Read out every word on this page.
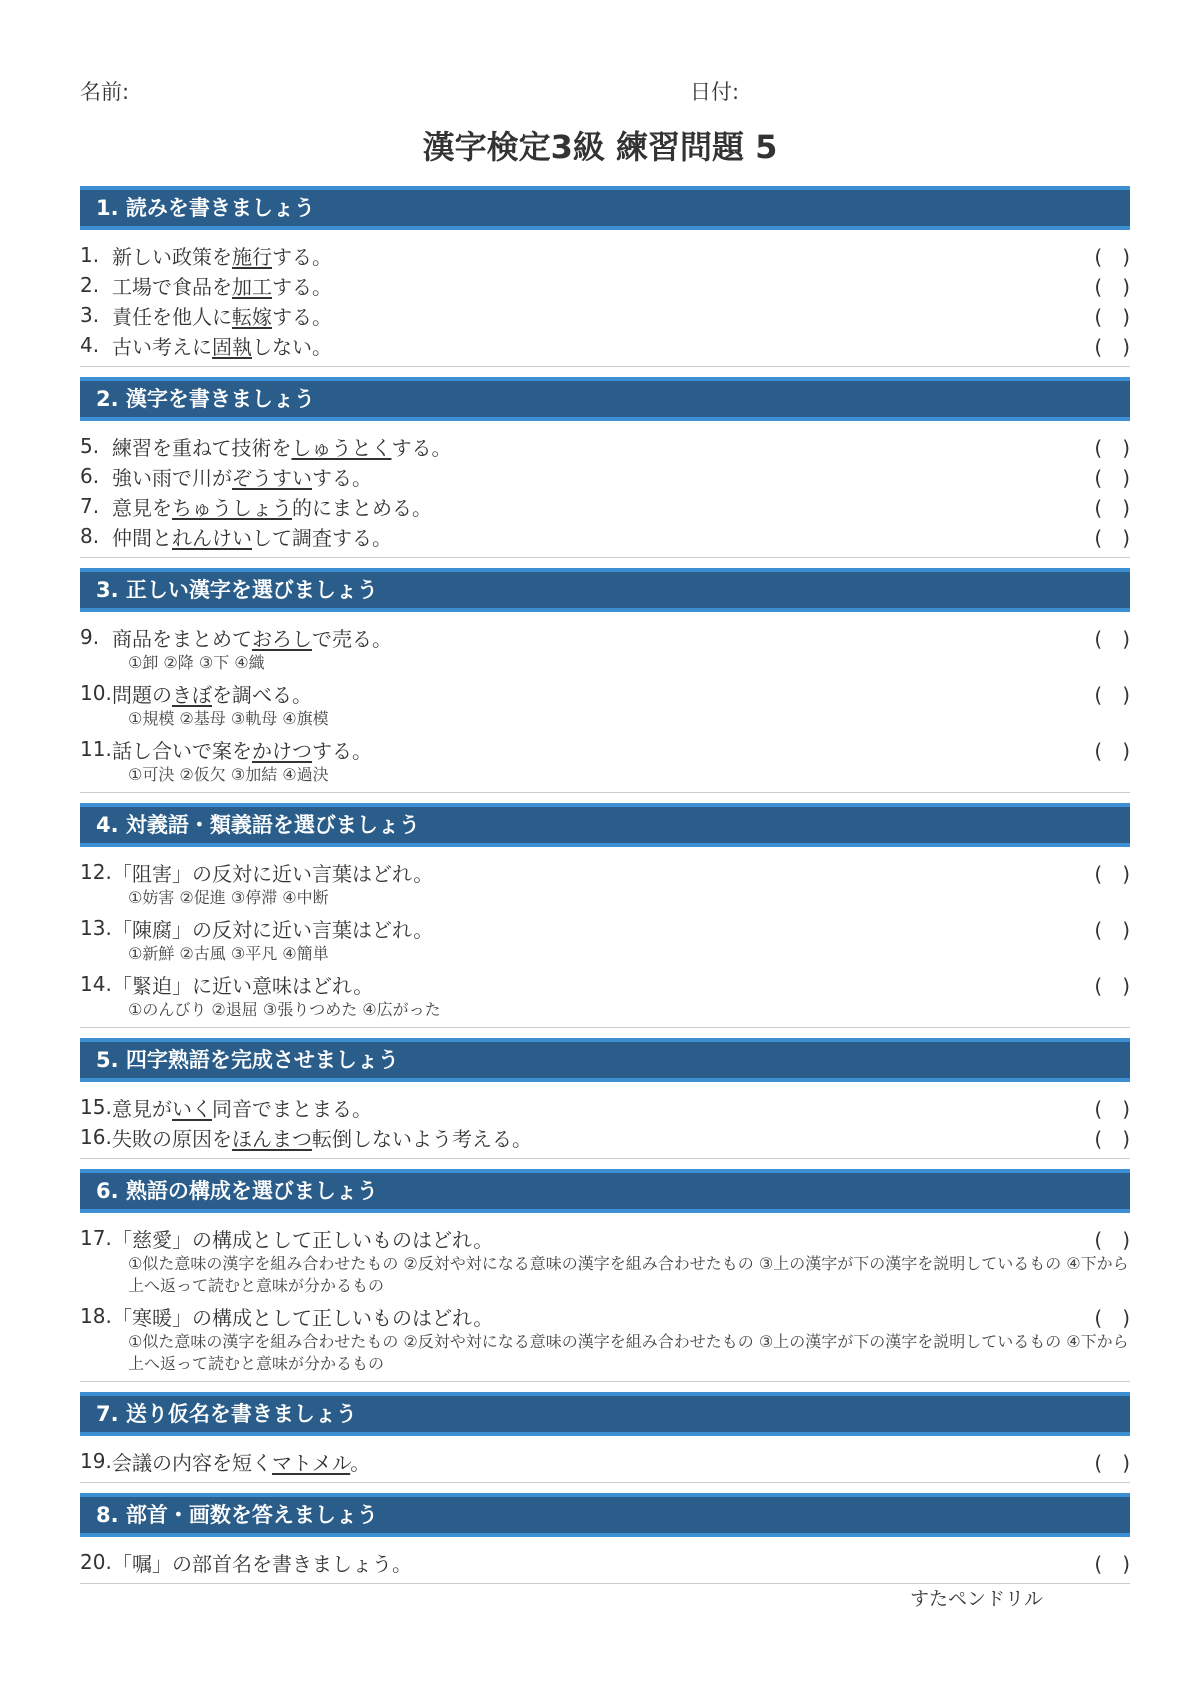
名前:	日付:
漢字検定3級 練習問題 5
1. 読みを書きましょう
1. 新しい政策を施行する。	(　)
2. 工場で食品を加工する。	(　)
3. 責任を他人に転嫁する。	(　)
4. 古い考えに固執しない。	(　)
2. 漢字を書きましょう
5. 練習を重ねて技術をしゅうとくする。	(　)
6. 強い雨で川がぞうすいする。	(　)
7. 意見をちゅうしょう的にまとめる。	(　)
8. 仲間とれんけいして調査する。	(　)
3. 正しい漢字を選びましょう
9. 商品をまとめておろしで売る。	(　)
①卸 ②降 ③下 ④織
10. 問題のきぼを調べる。	(　)
①規模 ②基母 ③軌母 ④旗模
11. 話し合いで案をかけつする。	(　)
①可決 ②仮欠 ③加結 ④過決
4. 対義語・類義語を選びましょう
12. 「阻害」の反対に近い言葉はどれ。	(　)
①妨害 ②促進 ③停滞 ④中断
13. 「陳腐」の反対に近い言葉はどれ。	(　)
①新鮮 ②古風 ③平凡 ④簡単
14. 「緊迫」に近い意味はどれ。	(　)
①のんびり ②退屈 ③張りつめた ④広がった
5. 四字熟語を完成させましょう
15. 意見がいく同音でまとまる。	(　)
16. 失敗の原因をほんまつ転倒しないよう考える。	(　)
6. 熟語の構成を選びましょう
17. 「慈愛」の構成として正しいものはどれ。	(　)
①似た意味の漢字を組み合わせたもの ②反対や対になる意味の漢字を組み合わせたもの ③上の漢字が下の漢字を説明しているもの ④下から上へ返って読むと意味が分かるもの
18. 「寒暖」の構成として正しいものはどれ。	(　)
①似た意味の漢字を組み合わせたもの ②反対や対になる意味の漢字を組み合わせたもの ③上の漢字が下の漢字を説明しているもの ④下から上へ返って読むと意味が分かるもの
7. 送り仮名を書きましょう
19. 会議の内容を短くマトメル。	(　)
8. 部首・画数を答えましょう
20. 「嘱」の部首名を書きましょう。	(　)
すたペンドリル
